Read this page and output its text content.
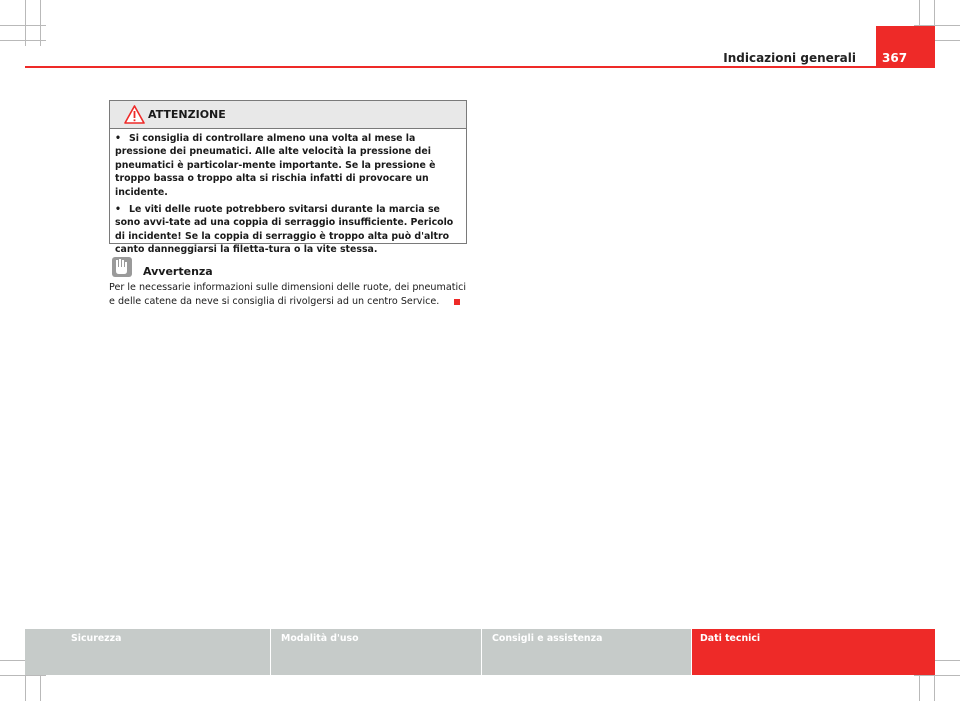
Indicazioni generali 367
ATTENZIONE

• Si consiglia di controllare almeno una volta al mese la pressione dei pneumatici. Alle alte velocità la pressione dei pneumatici è particolar-mente importante. Se la pressione è troppo bassa o troppo alta si rischia infatti di provocare un incidente.

• Le viti delle ruote potrebbero svitarsi durante la marcia se sono avvi-tate ad una coppia di serraggio insufficiente. Pericolo di incidente! Se la coppia di serraggio è troppo alta può d'altro canto danneggiarsi la filetta-tura o la vite stessa.

Avvertenza
Per le necessarie informazioni sulle dimensioni delle ruote, dei pneumatici e delle catene da neve si consiglia di rivolgersi ad un centro Service.
Sicurezza	Modalità d'uso	Consigli e assistenza	Dati tecnici
